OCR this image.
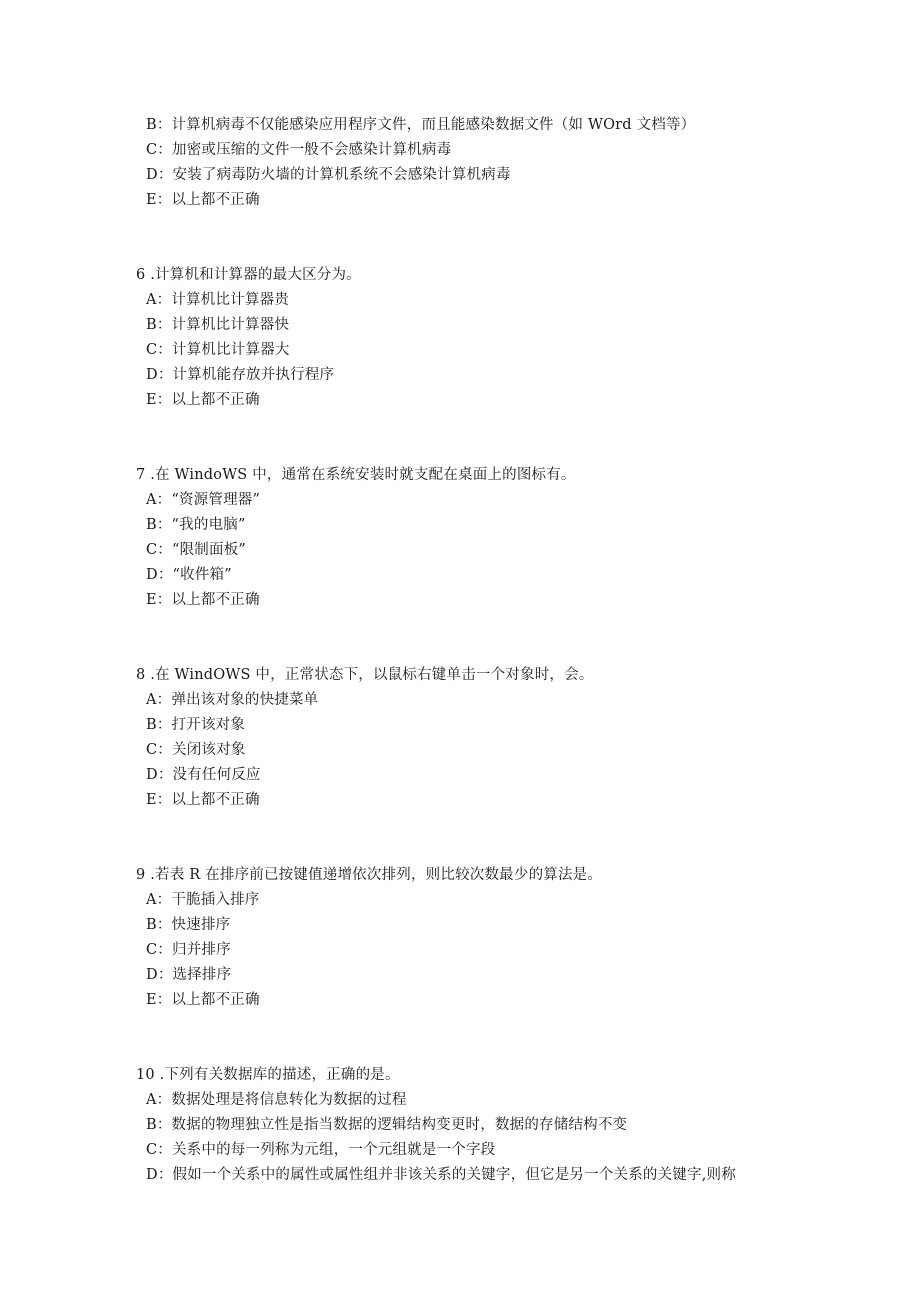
B：计算机病毒不仅能感染应用程序文件，而且能感染数据文件（如 WOrd 文档等）
C：加密或压缩的文件一般不会感染计算机病毒
D：安装了病毒防火墙的计算机系统不会感染计算机病毒
E：以上都不正确
6 .计算机和计算器的最大区分为。
A：计算机比计算器贵
B：计算机比计算器快
C：计算机比计算器大
D：计算机能存放并执行程序
E：以上都不正确
7 .在 WindoWS 中，通常在系统安装时就支配在桌面上的图标有。
A：“资源管理器”
B：“我的电脑”
C：“限制面板”
D：“收件箱”
E：以上都不正确
8 .在 WindOWS 中，正常状态下，以鼠标右键单击一个对象时，会。
A：弹出该对象的快捷菜单
B：打开该对象
C：关闭该对象
D：没有任何反应
E：以上都不正确
9 .若表 R 在排序前已按键值递增依次排列，则比较次数最少的算法是。
A：干脆插入排序
B：快速排序
C：归并排序
D：选择排序
E：以上都不正确
10 .下列有关数据库的描述，正确的是。
A：数据处理是将信息转化为数据的过程
B：数据的物理独立性是指当数据的逻辑结构变更时，数据的存储结构不变
C：关系中的每一列称为元组，一个元组就是一个字段
D：假如一个关系中的属性或属性组并非该关系的关键字，但它是另一个关系的关键字,则称
